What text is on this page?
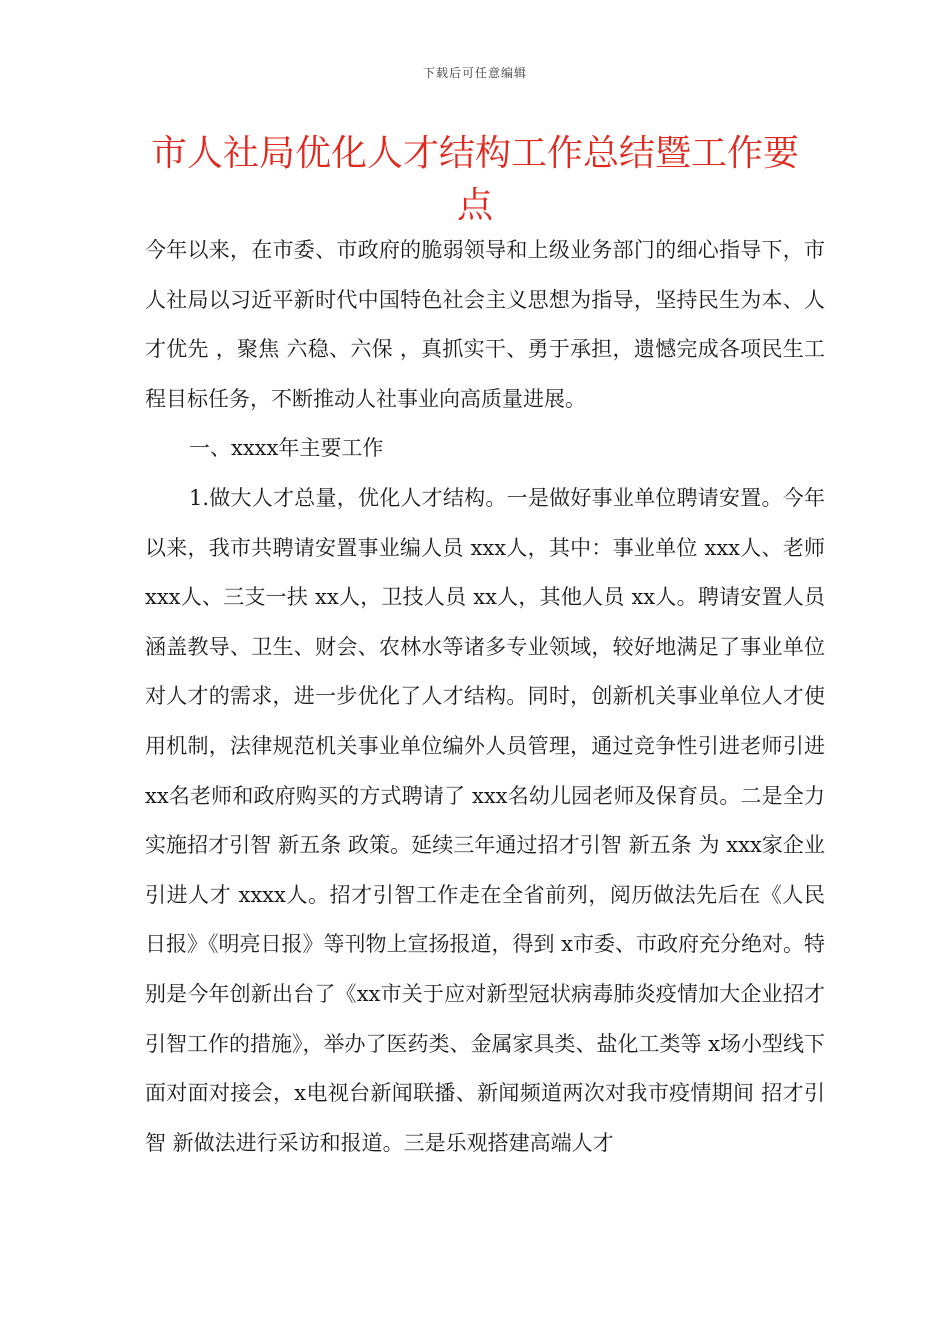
下载后可任意编辑
市人社局优化人才结构工作总结暨工作要
点

今年以来，在市委、市政府的脆弱领导和上级业务部门的细心指导下，市人社局以习近平新时代中国特色社会主义思想为指导，坚持民生为本、人才优先 ，聚焦 六稳、六保 ，真抓实干、勇于承担，遗憾完成各项民生工程目标任务，不断推动人社事业向高质量进展。

一、xxxx年主要工作

1.做大人才总量，优化人才结构。一是做好事业单位聘请安置。今年以来，我市共聘请安置事业编人员 xxx人，其中：事业单位 xxx人、老师 xxx人、三支一扶 xx人，卫技人员 xx人，其他人员 xx人。聘请安置人员涵盖教导、卫生、财会、农林水等诸多专业领域，较好地满足了事业单位对人才的需求，进一步优化了人才结构。同时，创新机关事业单位人才使用机制，法律规范机关事业单位编外人员管理，通过竞争性引进老师引进 xx名老师和政府购买的方式聘请了 xxx名幼儿园老师及保育员。二是全力实施招才引智 新五条 政策。延续三年通过招才引智 新五条 为 xxx家企业引进人才 xxxx人。招才引智工作走在全省前列，阅历做法先后在《人民日报》《明亮日报》等刊物上宣扬报道，得到 x市委、市政府充分绝对。特别是今年创新出台了《xx市关于应对新型冠状病毒肺炎疫情加大企业招才引智工作的措施》，举办了医药类、金属家具类、盐化工类等 x场小型线下面对面对接会，x电视台新闻联播、新闻频道两次对我市疫情期间 招才引智 新做法进行采访和报道。三是乐观搭建高端人才
